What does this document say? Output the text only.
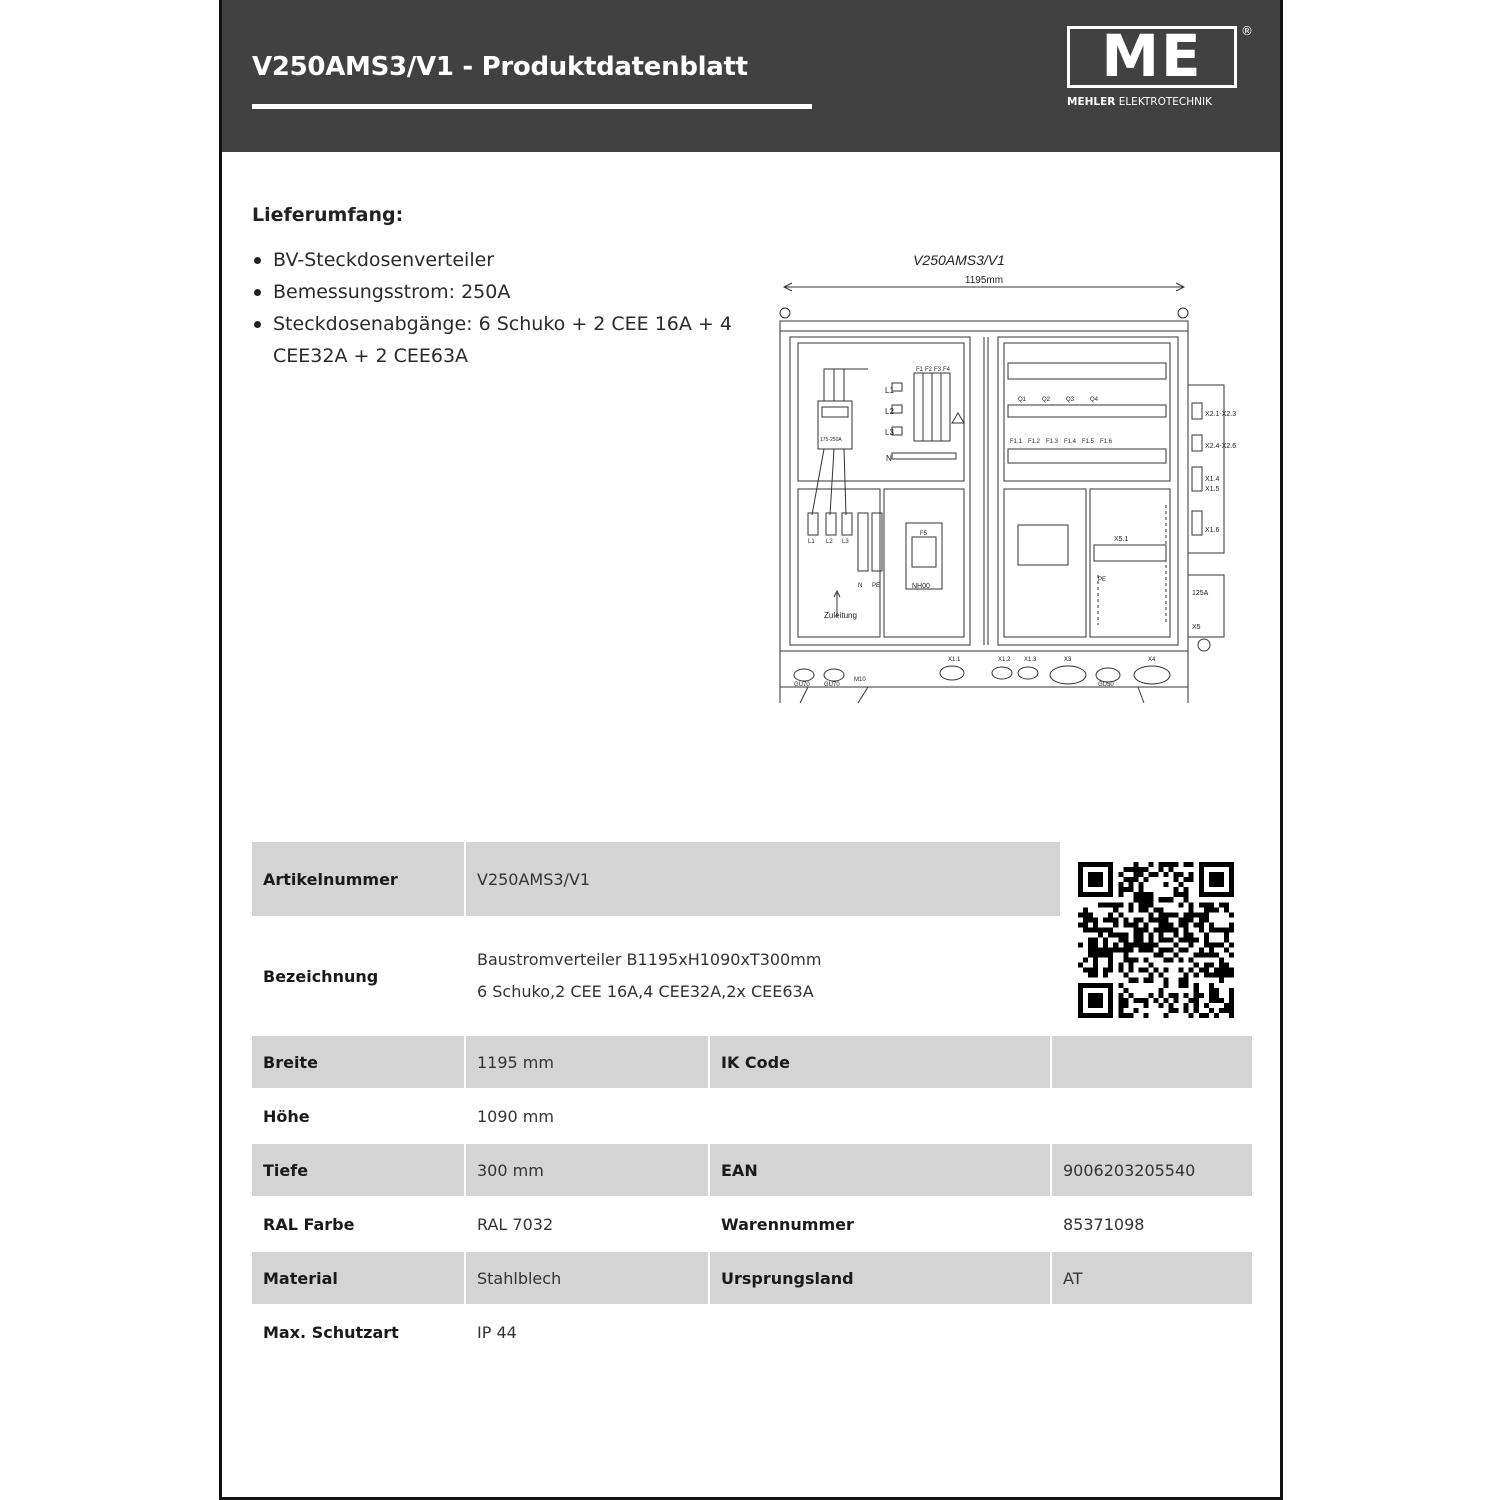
V250AMS3/V1 - Produktdatenblatt	ME	®
MEHLER ELEKTROTECHNIK
Lieferumfang:
BV-Steckdosenverteiler
Bemessungsstrom: 250A
Steckdosenabgänge: 6 Schuko + 2 CEE 16A + 4 CEE32A + 2 CEE63A
V250AMS3/V1
1195mm
L1
L2
L3
N
F1 F2 F3 F4
175-250A
Q1	Q2	Q3	Q4
F1.1 F1.2 F1.3 F1.4 F1.5 F1.6
X2.1-X2.3
X2.4-X2.6
X1.4
X1.5
X1.6
125A
X5
L1 L2 L3
N PE
Zuleitung
F5
NH00
X5.1
PE
GU70 GU70
M10
X1.1	X1.2 X1.3	X3	X4
GU50
Artikelnummer	V250AMS3/V1
Bezeichnung
Baustromverteiler B1195xH1090xT300mm
6 Schuko,2 CEE 16A,4 CEE32A,2x CEE63A
Breite	1195 mm	IK Code
Höhe	1090 mm
Tiefe	300 mm	EAN	9006203205540
RAL Farbe	RAL 7032	Warennummer	85371098
Material	Stahlblech	Ursprungsland	AT
Max. Schutzart	IP 44
